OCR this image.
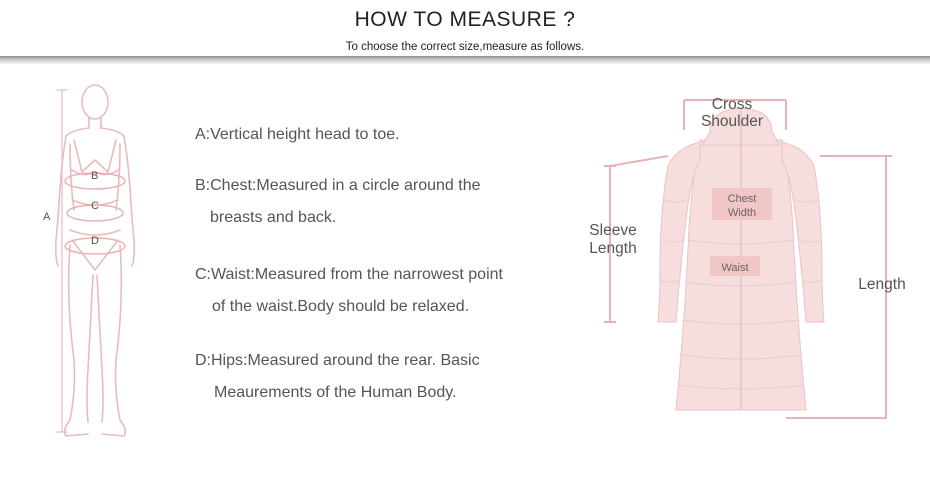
HOW TO MEASURE ?
To choose the correct size,measure as follows.
A
B
C
D
A:Vertical height head to toe.
B:Chest:Measured in a circle around the
breasts and back.
C:Waist:Measured from the narrowest point
of the waist.Body should be relaxed.
D:Hips:Measured around the rear. Basic
Meaurements of the Human Body.
Chest
Width
Waist
Cross
Shoulder
Sleeve
Length
Length
